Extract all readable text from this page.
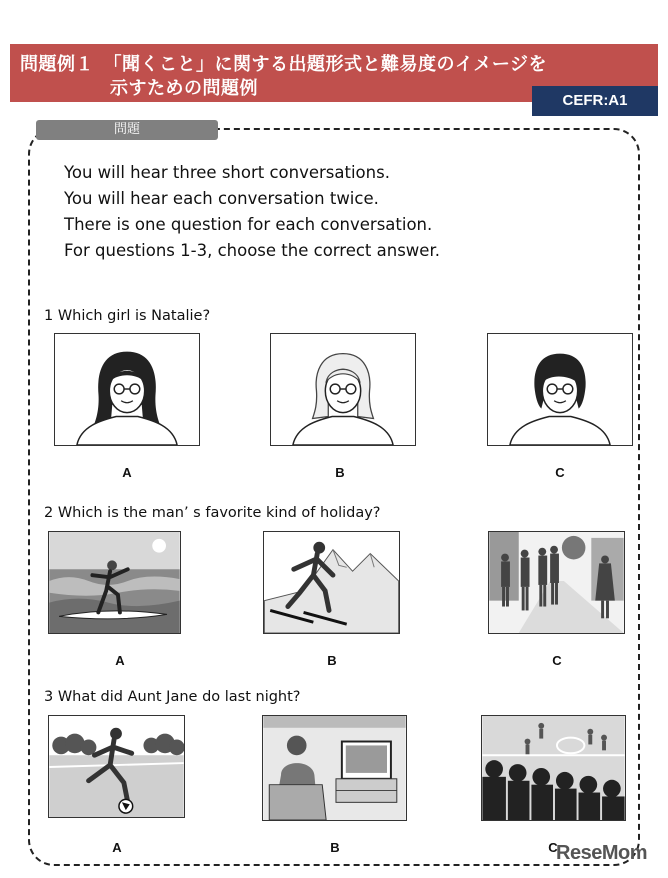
問題例１　「聞くこと」に関する出題形式と難易度のイメージを
示すための問題例
CEFR:A1
問題
You will hear three short conversations.
You will hear each conversation twice.
There is one question for each conversation.
For questions 1-3, choose the correct answer.
1 Which girl is Natalie?
A	B	C
2 Which is the man’ s favorite kind of holiday?
A	B	C
3 What did Aunt Jane do last night?
A	B	C
ReseMom
